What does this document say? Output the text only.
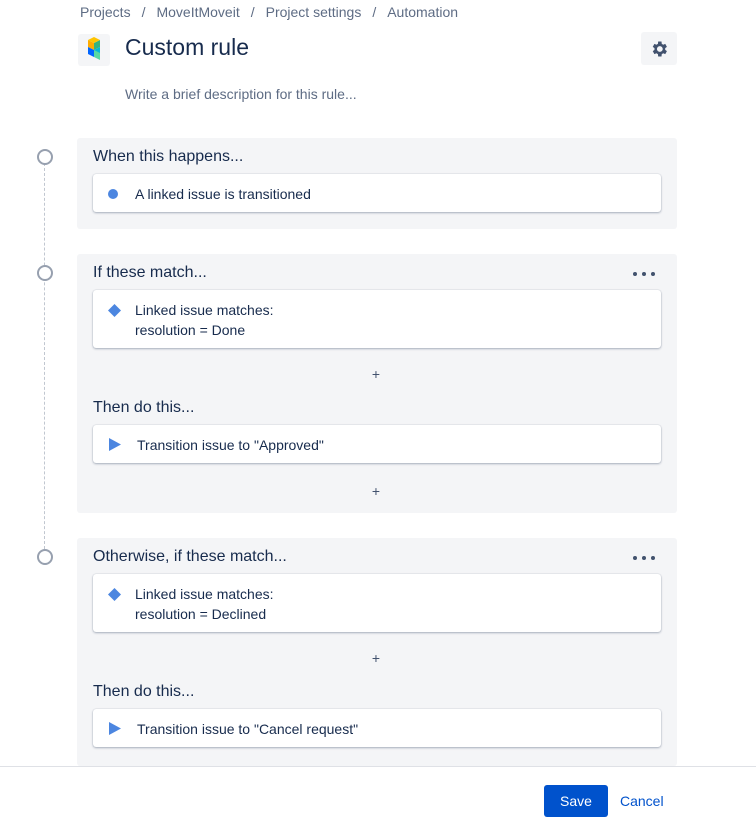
Projects / MoveItMoveit / Project settings / Automation
Custom rule
Write a brief description for this rule...
When this happens...
A linked issue is transitioned
If these match...
Linked issue matches:
resolution = Done
+
Then do this...
Transition issue to "Approved"
+
Otherwise, if these match...
Linked issue matches:
resolution = Declined
+
Then do this...
Transition issue to "Cancel request"
Save	Cancel
